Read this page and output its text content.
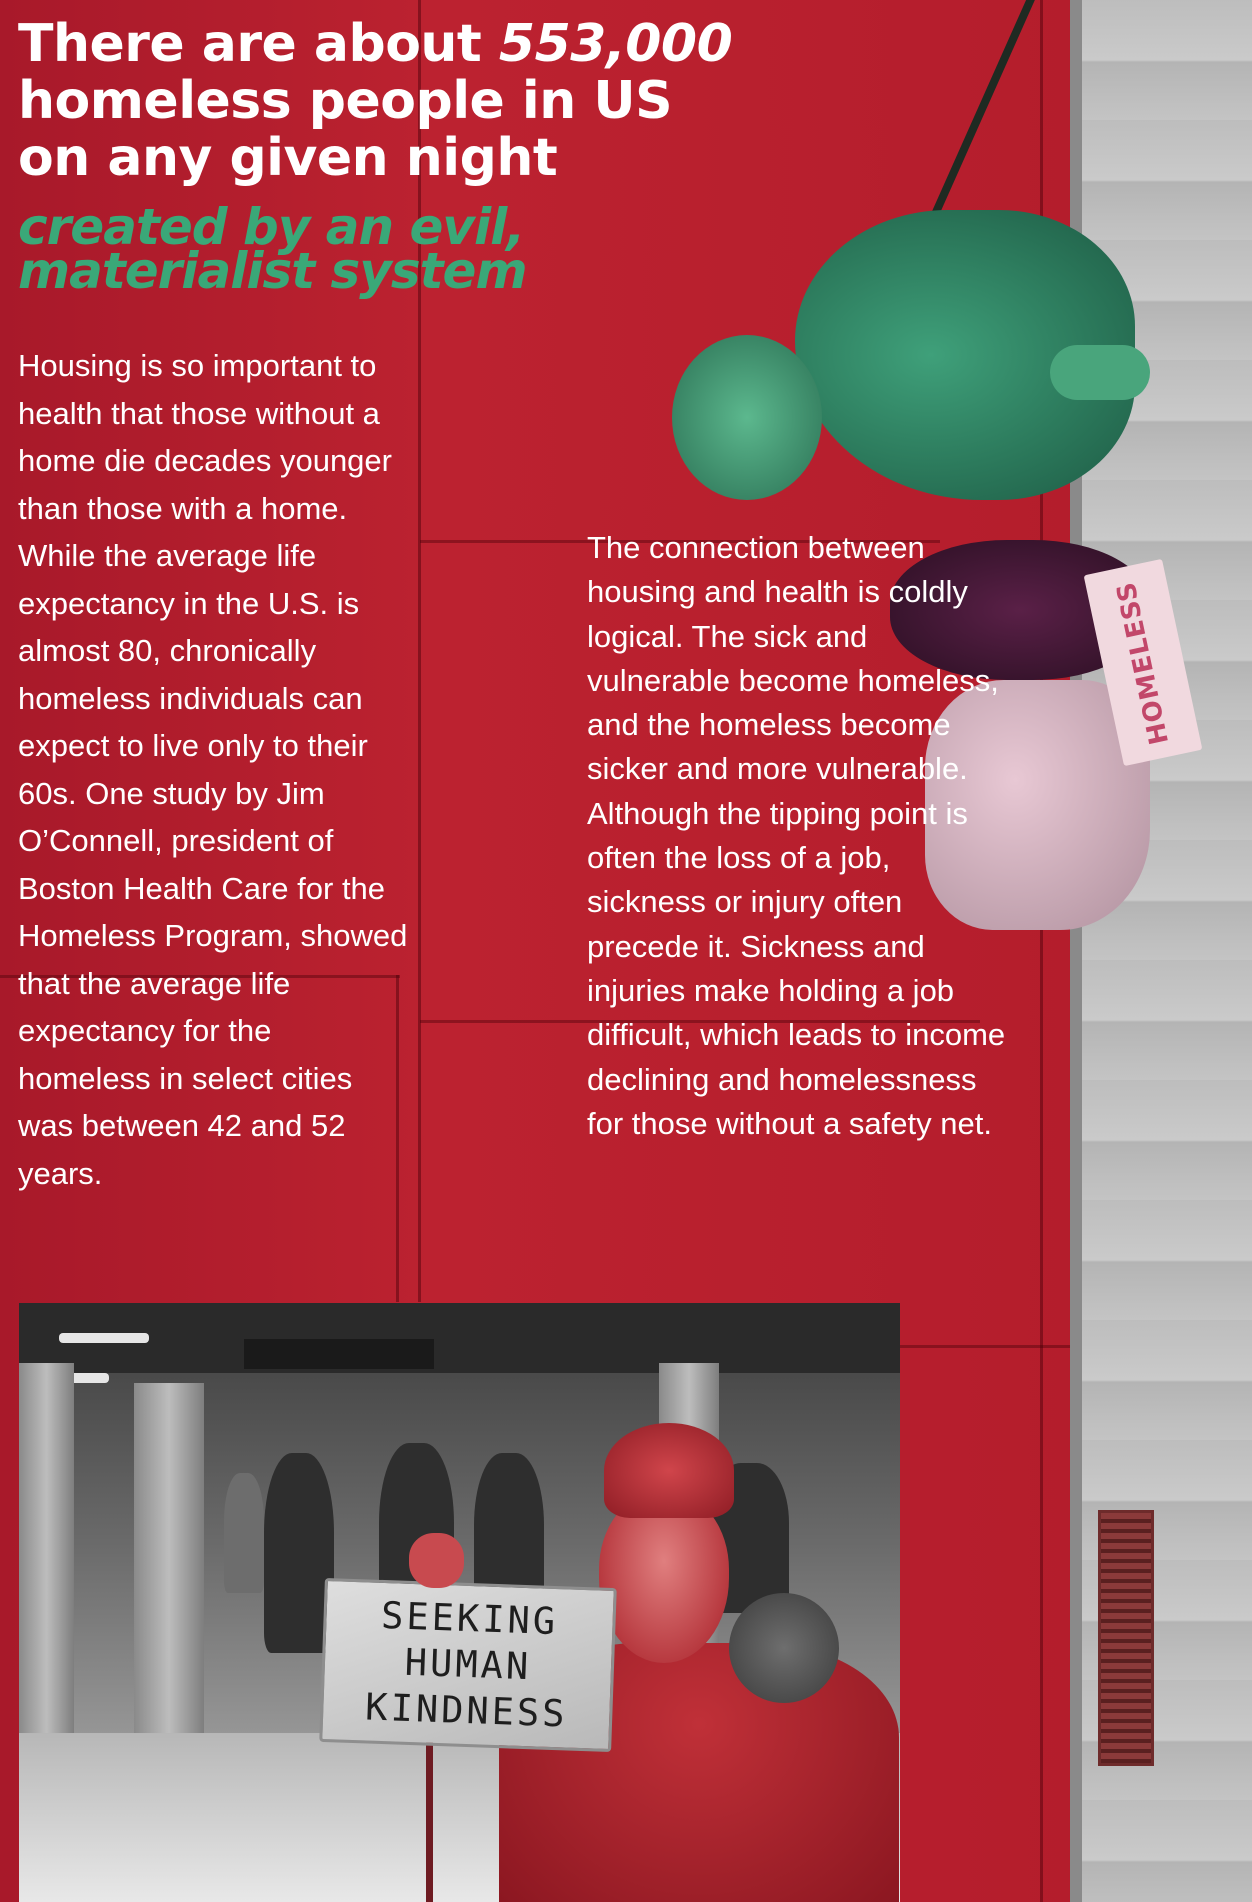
HOMELESS
There are about 553,000
homeless people in US
on any given night
created by an evil,
materialist system

Housing is so important to health that those without a home die decades younger than those with a home. While the average life expectancy in the U.S. is almost 80, chronically homeless individuals can expect to live only to their 60s. One study by Jim O’Connell, president of Boston Health Care for the Homeless Program, showed that the average life expectancy for the homeless in select cities was between 42 and 52 years.

The connection between housing and health is coldly logical. The sick and vulnerable become homeless, and the homeless become sicker and more vulnerable. Although the tipping point is often the loss of a job, sickness or injury often precede it. Sickness and injuries make holding a job difficult, which leads to income declining and homelessness for those without a safety net.

SEEKING
HUMAN
KINDNESS
